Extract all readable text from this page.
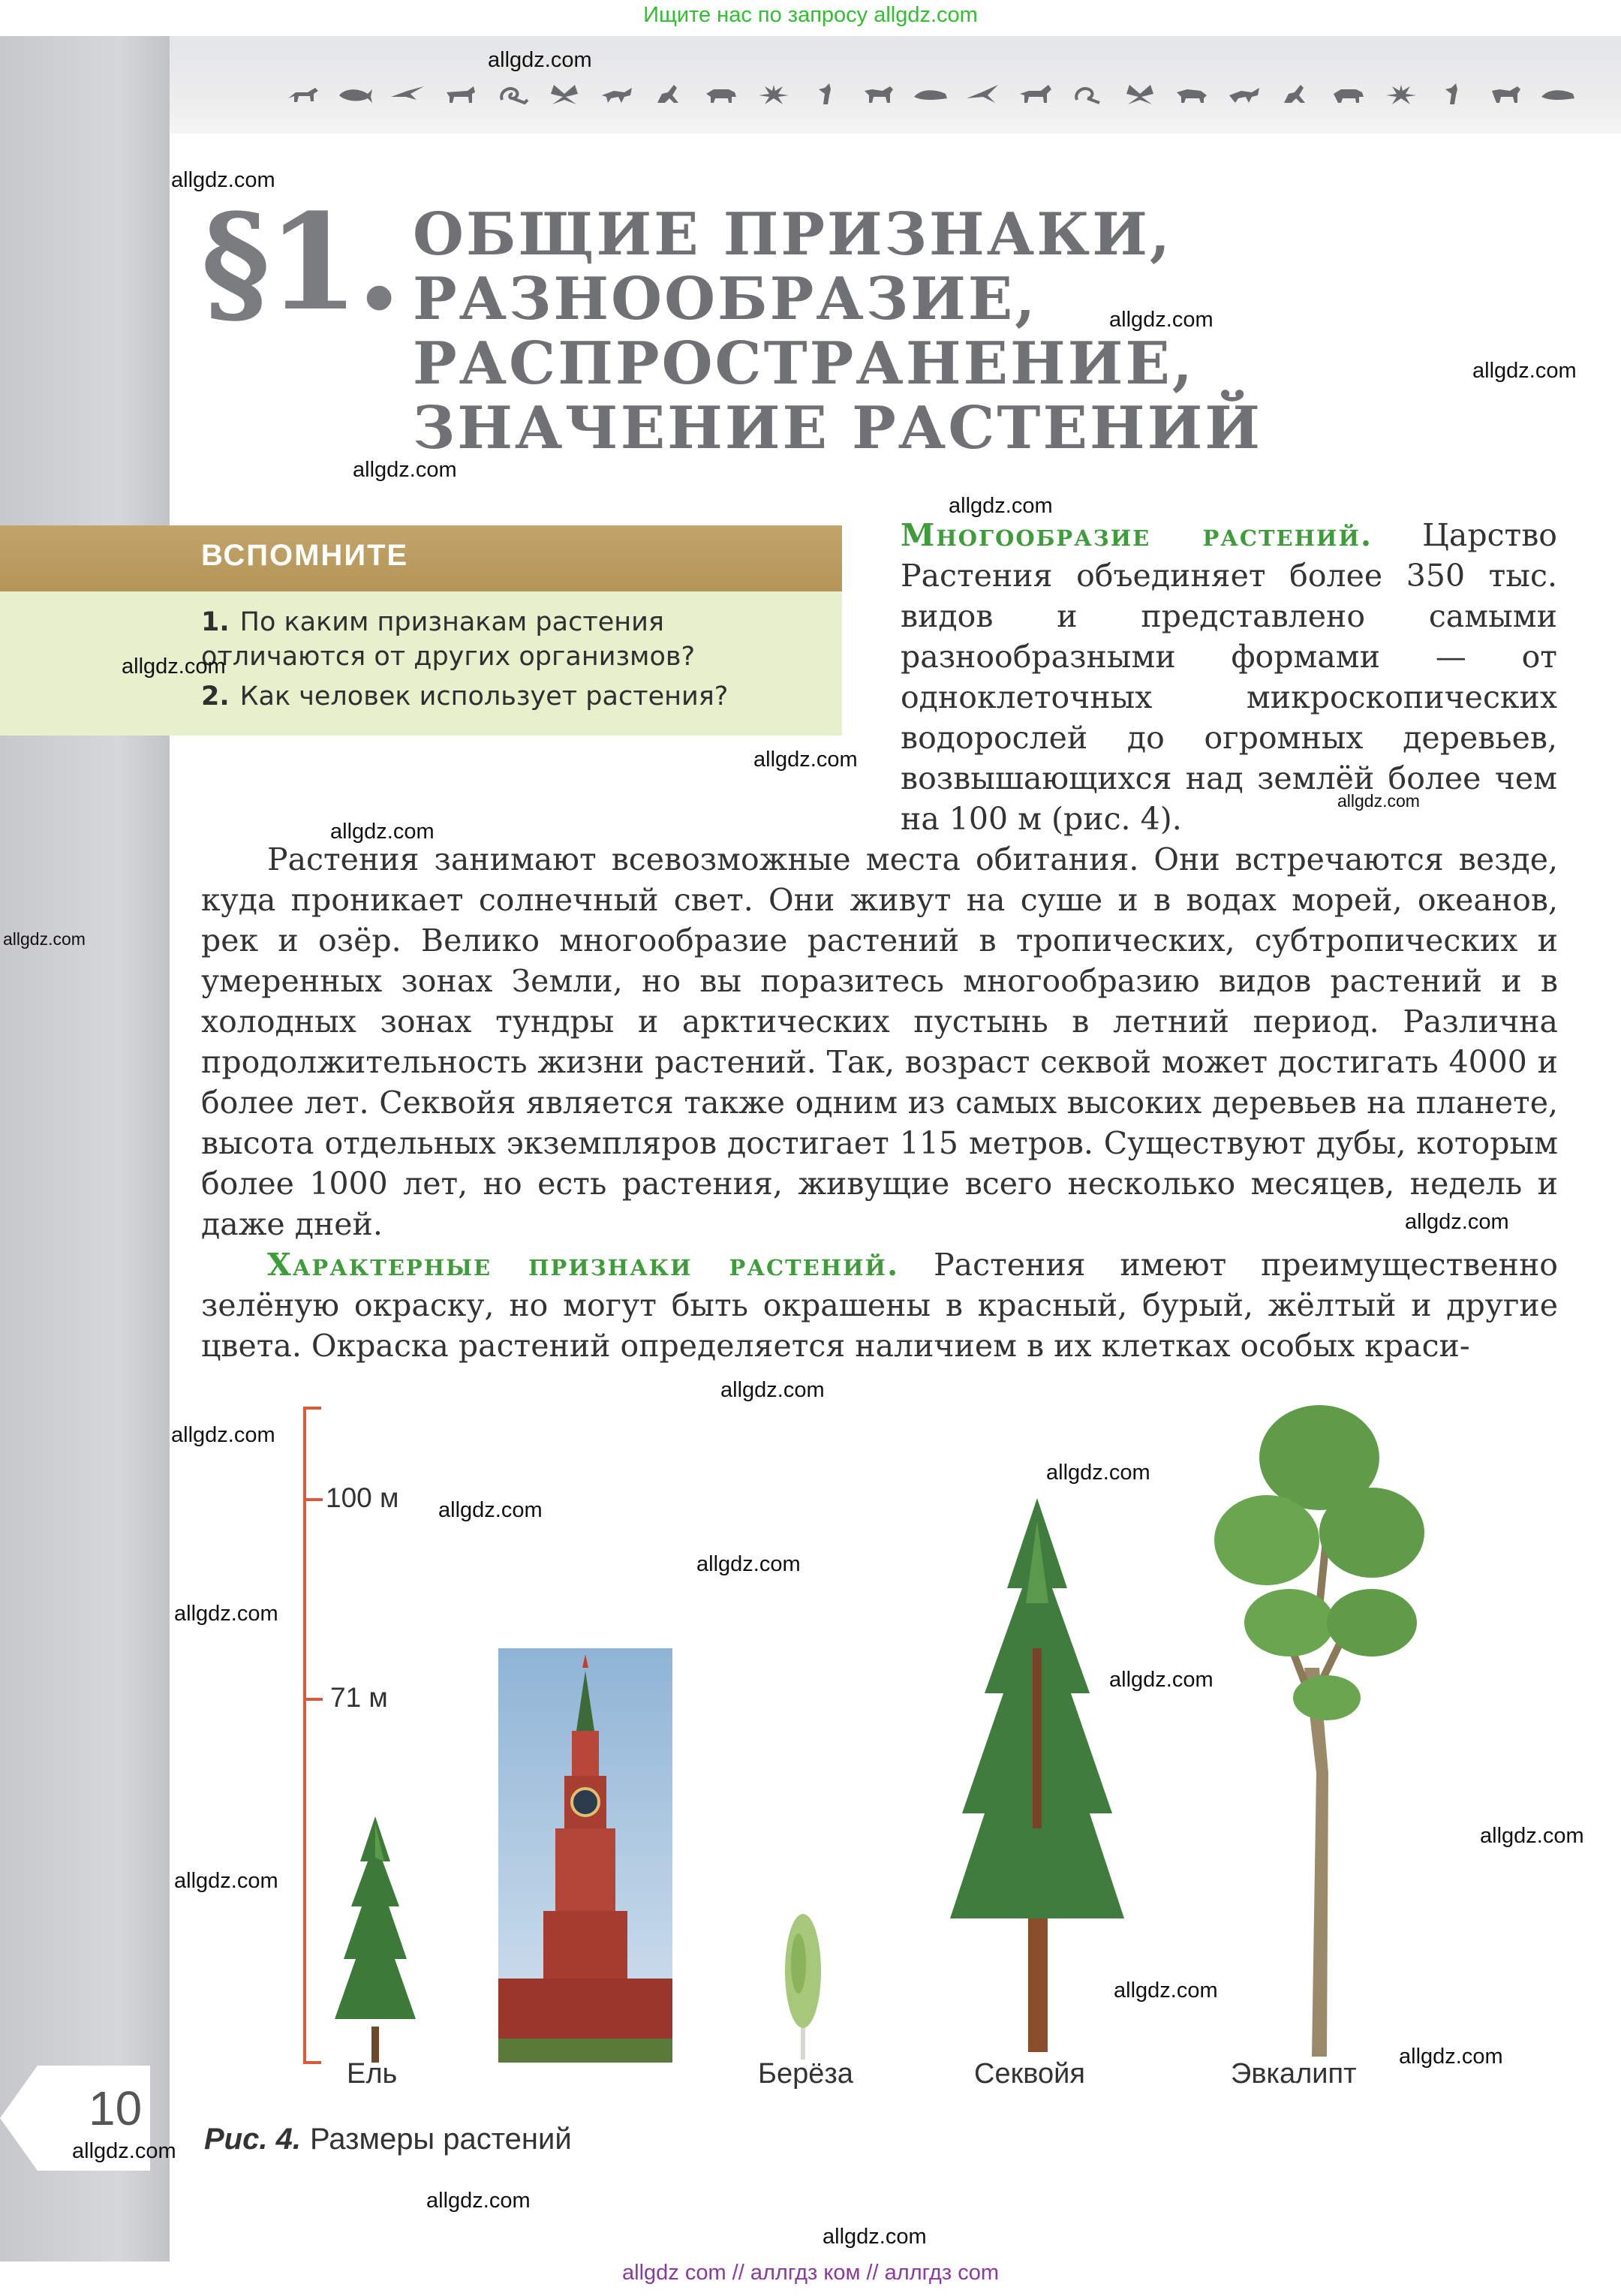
Ищите нас по запросу allgdz.com
§1. ОБЩИЕ ПРИЗНАКИ,
РАЗНООБРАЗИЕ,
РАСПРОСТРАНЕНИЕ,
ЗНАЧЕНИЕ РАСТЕНИЙ
ВСПОМНИТЕ
1. По каким признакам растения отличаются от других организмов?
2. Как человек использует растения?
Многообразие растений. Царство Растения объединяет более 350 тыс. видов и представлено самыми разнообразными формами — от одноклеточных микроскопических водорослей до огромных деревьев, возвышающихся над землёй более чем на 100 м (рис. 4).
Растения занимают всевозможные места обитания. Они встречаются везде, куда проникает солнечный свет. Они живут на суше и в водах морей, океанов, рек и озёр. Велико многообразие растений в тропических, субтропических и умеренных зонах Земли, но вы поразитесь многообразию видов растений и в холодных зонах тундры и арктических пустынь в летний период. Различна продолжительность жизни растений. Так, возраст секвой может достигать 4000 и более лет. Секвойя является также одним из самых высоких деревьев на планете, высота отдельных экземпляров достигает 115 метров. Существуют дубы, которым более 1000 лет, но есть растения, живущие всего несколько месяцев, недель и даже дней.
Характерные признаки растений. Растения имеют преимущественно зелёную окраску, но могут быть окрашены в красный, бурый, жёлтый и другие цвета. Окраска растений определяется наличием в их клетках особых краси-
100 м
71 м
Ель	Берёза	Секвойя	Эвкалипт
Рис. 4. Размеры растений
10
allgdz.com
allgdz.com
allgdz.com
allgdz.com
allgdz.com
allgdz.com
allgdz.com
allgdz.com
allgdz.com
allgdz.com
allgdz.com
allgdz.com
allgdz.com
allgdz.com
allgdz.com
allgdz.com
allgdz.com
allgdz.com
allgdz.com
allgdz.com
allgdz.com
allgdz.com
allgdz.com
allgdz.com
allgdz.com
allgdz.com
allgdz com // аллгдз ком // аллгдз com
